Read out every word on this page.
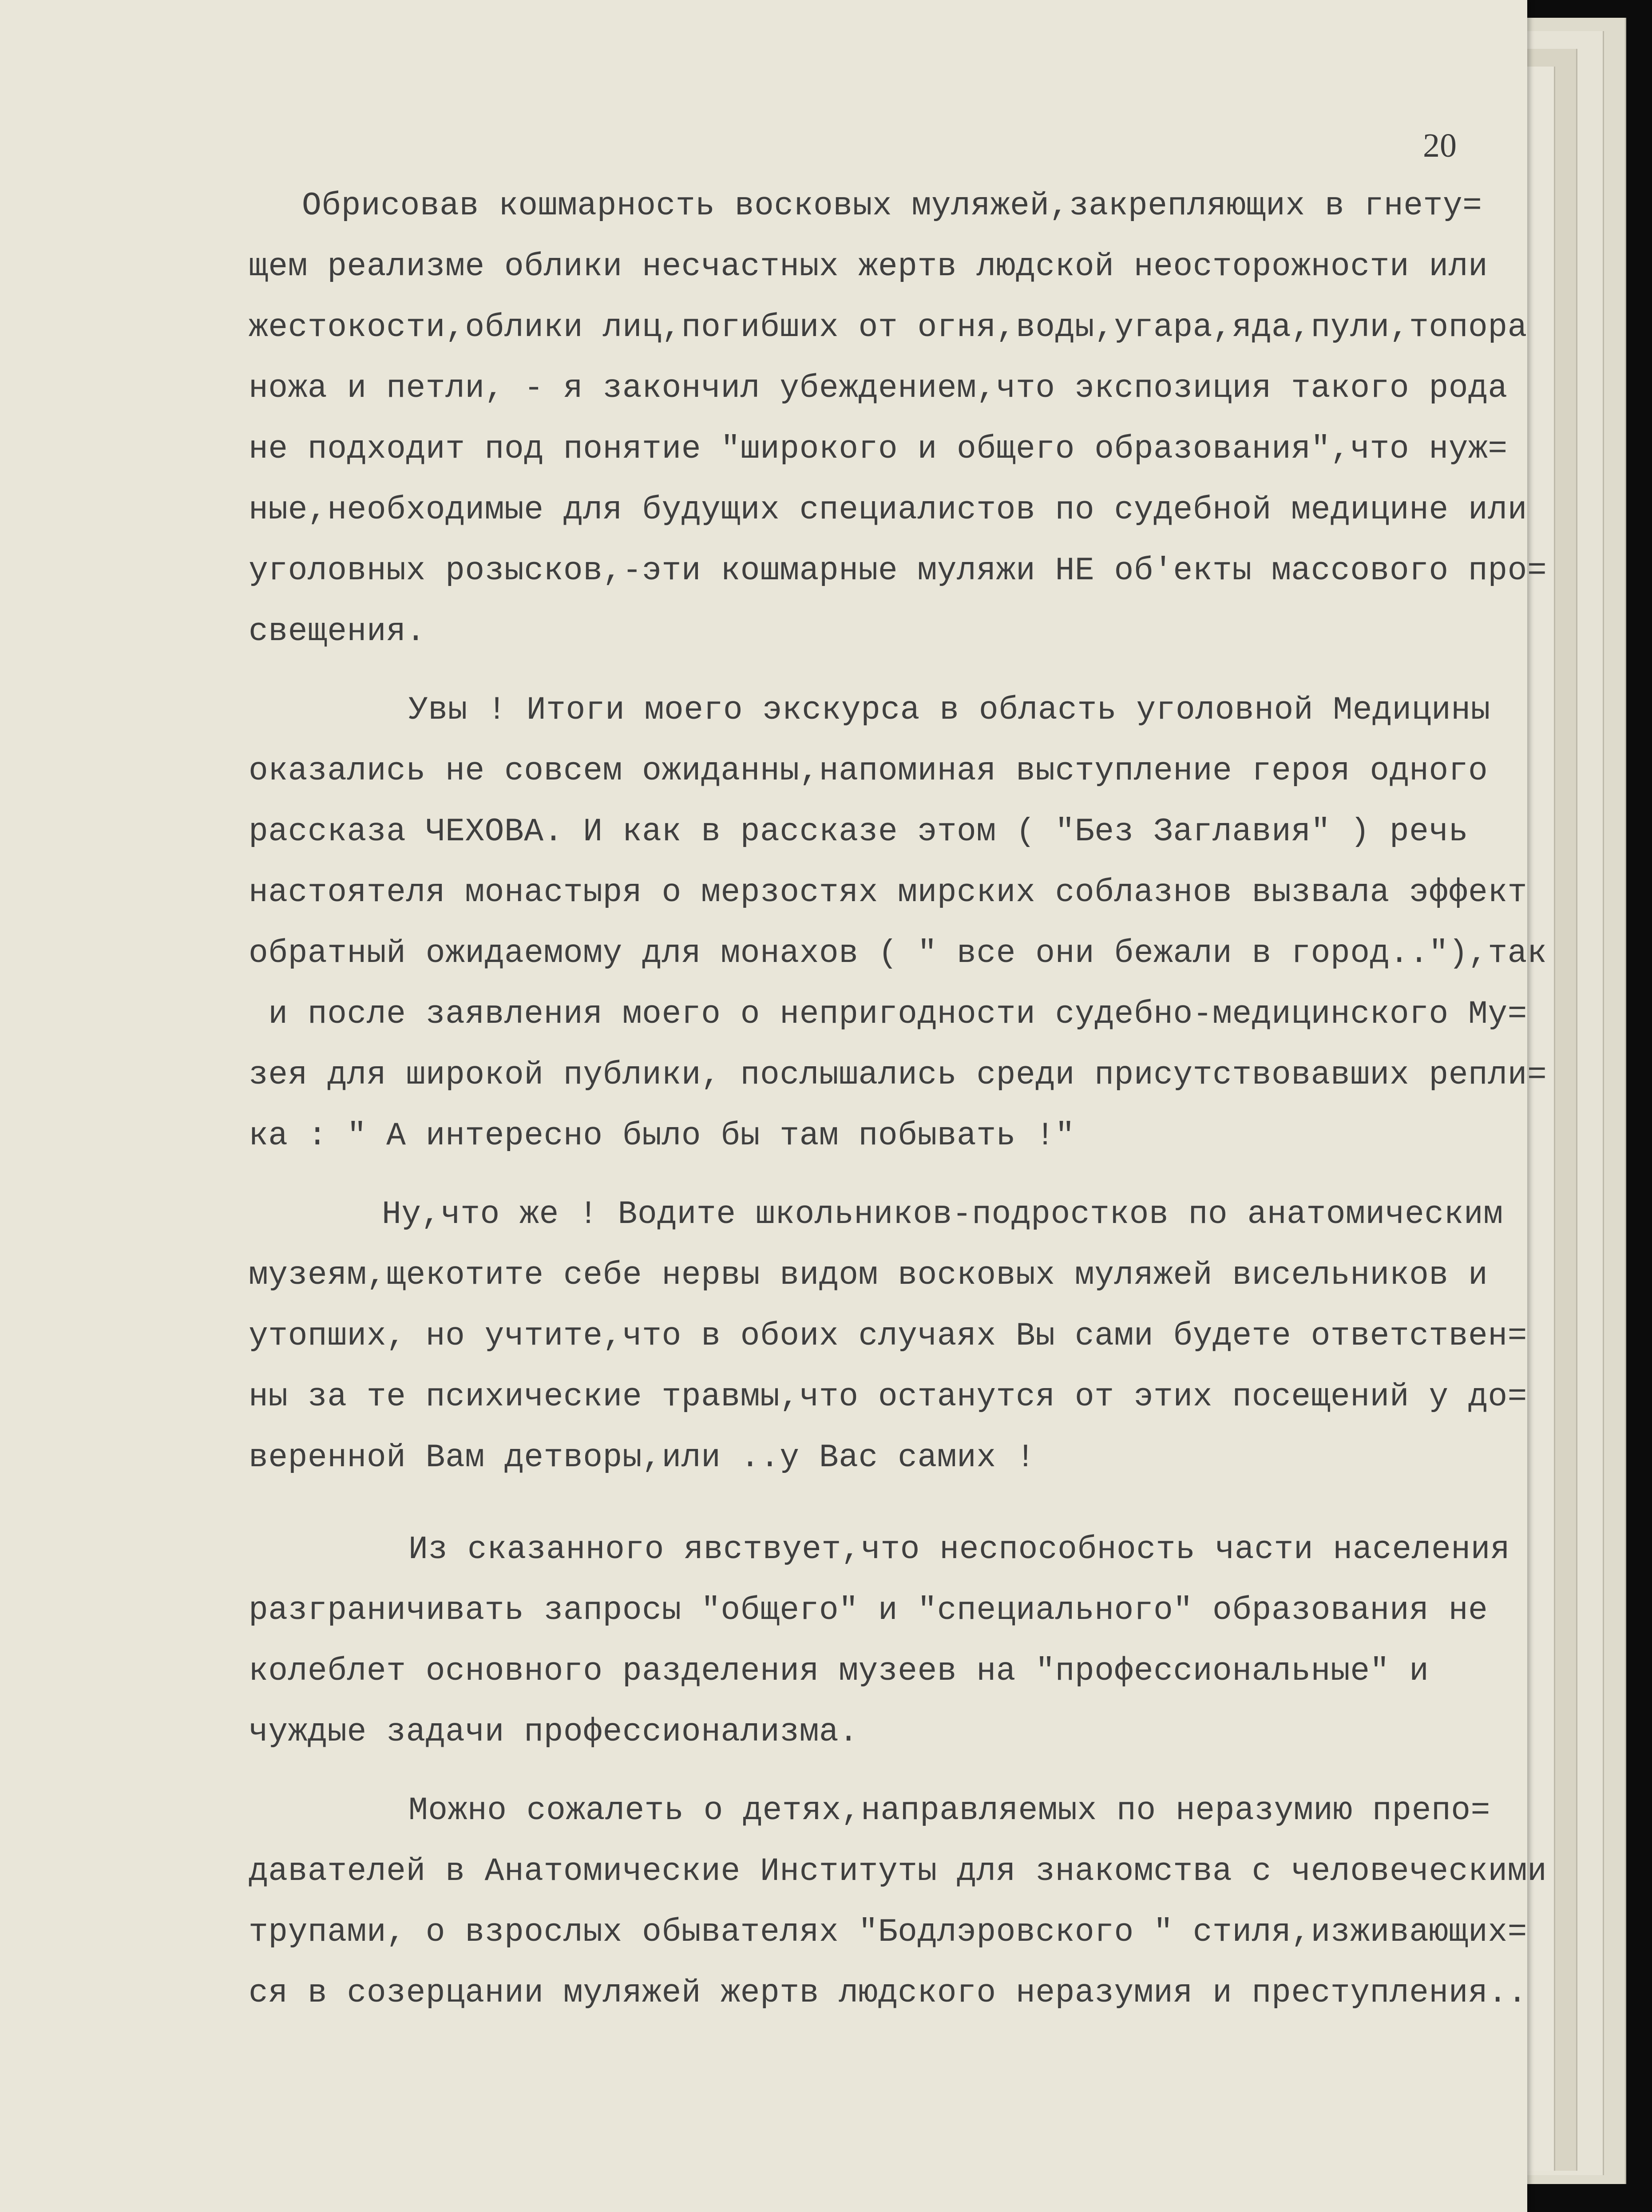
20
Обрисовав кошмарность восковых муляжей,закрепляющих в гнету=
щем реализме облики несчастных жертв людской неосторожности или
жестокости,облики лиц,погибших от огня,воды,угара,яда,пули,топора
ножа и петли, - я закончил убеждением,что экспозиция такого рода
не подходит под понятие "широкого и общего образования",что нуж=
ные,необходимые для будущих специалистов по судебной медицине или
уголовных розысков,-эти кошмарные муляжи НЕ об'екты массового про=
свещения.
Увы ! Итоги моего экскурса в область уголовной Медицины
оказались не совсем ожиданны,напоминая выступление героя одного
рассказа ЧЕХОВА. И как в рассказе этом ( "Без Заглавия" ) речь
настоятеля монастыря о мерзостях мирских соблазнов вызвала эффект
обратный ожидаемому для монахов ( " все они бежали в город.."),так
и после заявления моего о непригодности судебно-медицинского Му=
зея для широкой публики, послышались среди присутствовавших репли=
ка : " А интересно было бы там побывать !"
Ну,что же ! Водите школьников-подростков по анатомическим
музеям,щекотите себе нервы видом восковых муляжей висельников и
утопших, но учтите,что в обоих случаях Вы сами будете ответствен=
ны за те психические травмы,что останутся от этих посещений у до=
веренной Вам детворы,или ..у Вас самих !
Из сказанного явствует,что неспособность части населения
разграничивать запросы "общего" и "специального" образования не
колеблет основного разделения музеев на "профессиональные" и
чуждые задачи профессионализма.
Можно сожалеть о детях,направляемых по неразумию препо=
давателей в Анатомические Институты для знакомства с человеческими
трупами, о взрослых обывателях "Бодлэровского " стиля,изживающих=
ся в созерцании муляжей жертв людского неразумия и преступления..
